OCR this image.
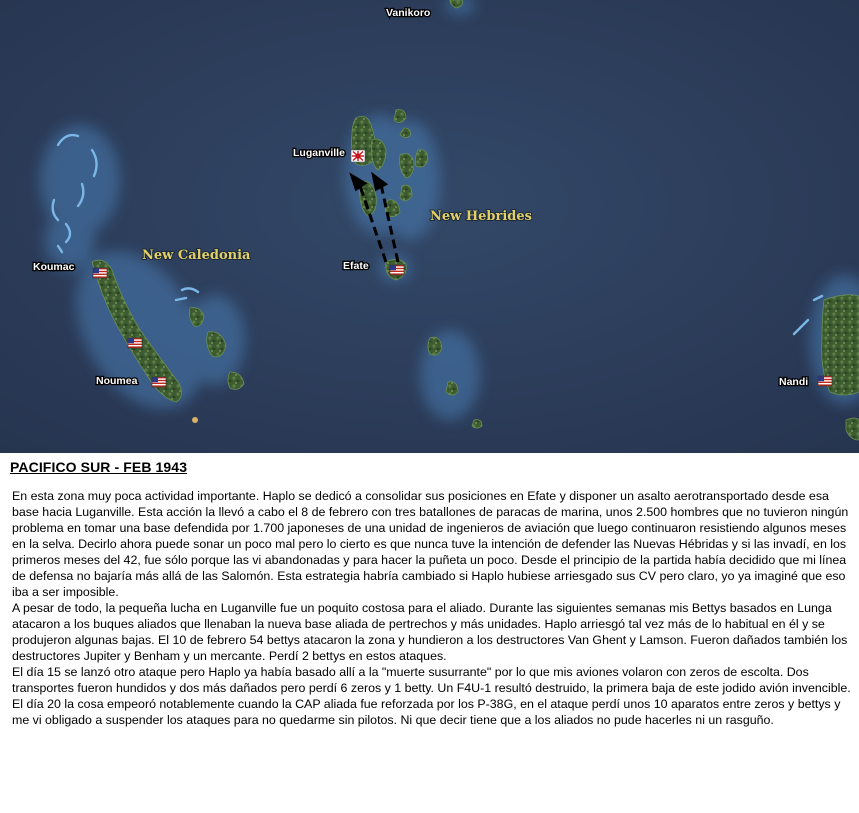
Vanikoro
Luganville
Efate
Koumac
Noumea	Nandi
New Hebrides
New Caledonia
PACIFICO SUR - FEB 1943

En esta zona muy poca actividad importante. Haplo se dedicó a consolidar sus posiciones en Efate y disponer un asalto aerotransportado desde esa base hacia Luganville. Esta acción la llevó a cabo el 8 de febrero con tres batallones de paracas de marina, unos 2.500 hombres que no tuvieron ningún problema en tomar una base defendida por 1.700 japoneses de una unidad de ingenieros de aviación que luego continuaron resistiendo algunos meses en la selva. Decirlo ahora puede sonar un poco mal pero lo cierto es que nunca tuve la intención de defender las Nuevas Hébridas y si las invadí, en los primeros meses del 42, fue sólo porque las vi abandonadas y para hacer la puñeta un poco. Desde el principio de la partida había decidido que mi línea de defensa no bajaría más allá de las Salomón. Esta estrategia habría cambiado si Haplo hubiese arriesgado sus CV pero claro, yo ya imaginé que eso iba a ser imposible.

A pesar de todo, la pequeña lucha en Luganville fue un poquito costosa para el aliado. Durante las siguientes semanas mis Bettys basados en Lunga atacaron a los buques aliados que llenaban la nueva base aliada de pertrechos y más unidades. Haplo arriesgó tal vez más de lo habitual en él y se produjeron algunas bajas. El 10 de febrero 54 bettys atacaron la zona y hundieron a los destructores Van Ghent y Lamson. Fueron dañados también los destructores Jupiter y Benham y un mercante. Perdí 2 bettys en estos ataques.

El día 15 se lanzó otro ataque pero Haplo ya había basado allí a la "muerte susurrante" por lo que mis aviones volaron con zeros de escolta. Dos transportes fueron hundidos y dos más dañados pero perdí 6 zeros y 1 betty. Un F4U-1 resultó destruido, la primera baja de este jodido avión invencible. El día 20 la cosa empeoró notablemente cuando la CAP aliada fue reforzada por los P-38G, en el ataque perdí unos 10 aparatos entre zeros y bettys y me vi obligado a suspender los ataques para no quedarme sin pilotos. Ni que decir tiene que a los aliados no pude hacerles ni un rasguño.
